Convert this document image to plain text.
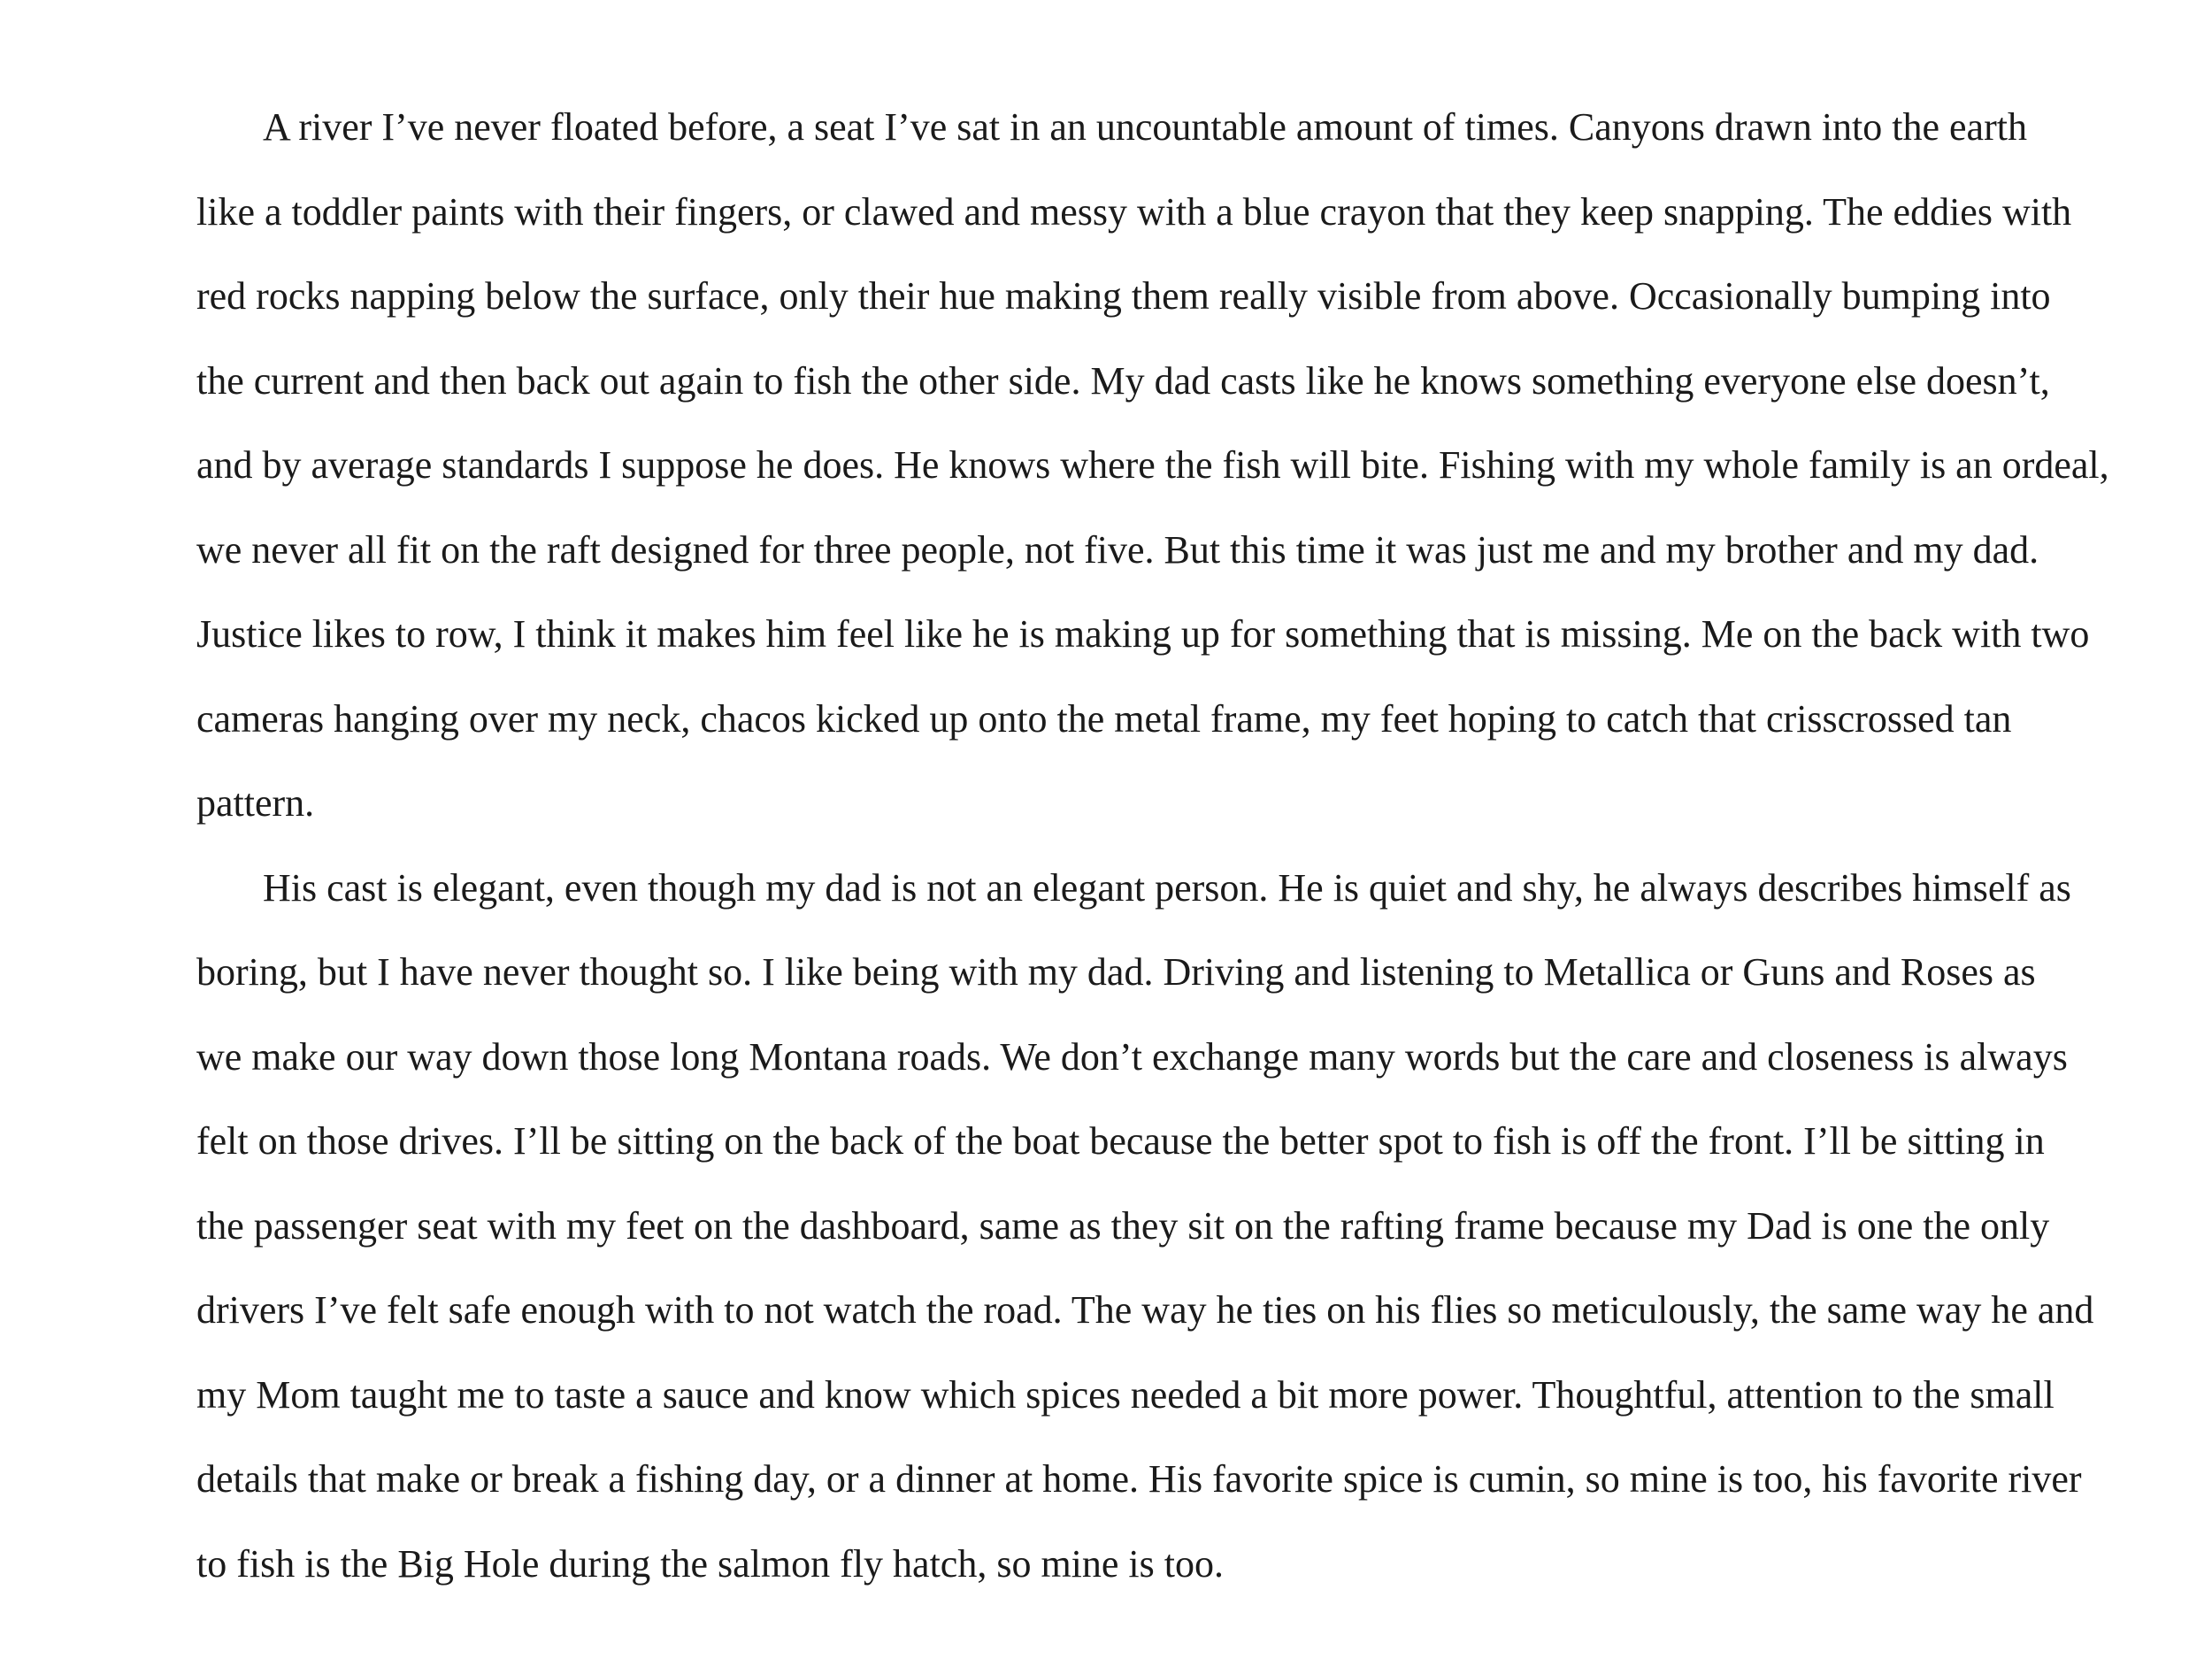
A river I’ve never floated before, a seat I’ve sat in an uncountable amount of times. Canyons drawn into the earth
like a toddler paints with their fingers, or clawed and messy with a blue crayon that they keep snapping. The eddies with
red rocks napping below the surface, only their hue making them really visible from above. Occasionally bumping into
the current and then back out again to fish the other side. My dad casts like he knows something everyone else doesn’t,
and by average standards I suppose he does. He knows where the fish will bite. Fishing with my whole family is an ordeal,
we never all fit on the raft designed for three people, not five. But this time it was just me and my brother and my dad.
Justice likes to row, I think it makes him feel like he is making up for something that is missing. Me on the back with two
cameras hanging over my neck, chacos kicked up onto the metal frame, my feet hoping to catch that crisscrossed tan
pattern.

His cast is elegant, even though my dad is not an elegant person. He is quiet and shy, he always describes himself as
boring, but I have never thought so. I like being with my dad. Driving and listening to Metallica or Guns and Roses as
we make our way down those long Montana roads. We don’t exchange many words but the care and closeness is always
felt on those drives. I’ll be sitting on the back of the boat because the better spot to fish is off the front. I’ll be sitting in
the passenger seat with my feet on the dashboard, same as they sit on the rafting frame because my Dad is one the only
drivers I’ve felt safe enough with to not watch the road. The way he ties on his flies so meticulously, the same way he and
my Mom taught me to taste a sauce and know which spices needed a bit more power. Thoughtful, attention to the small
details that make or break a fishing day, or a dinner at home. His favorite spice is cumin, so mine is too, his favorite river
to fish is the Big Hole during the salmon fly hatch, so mine is too.
